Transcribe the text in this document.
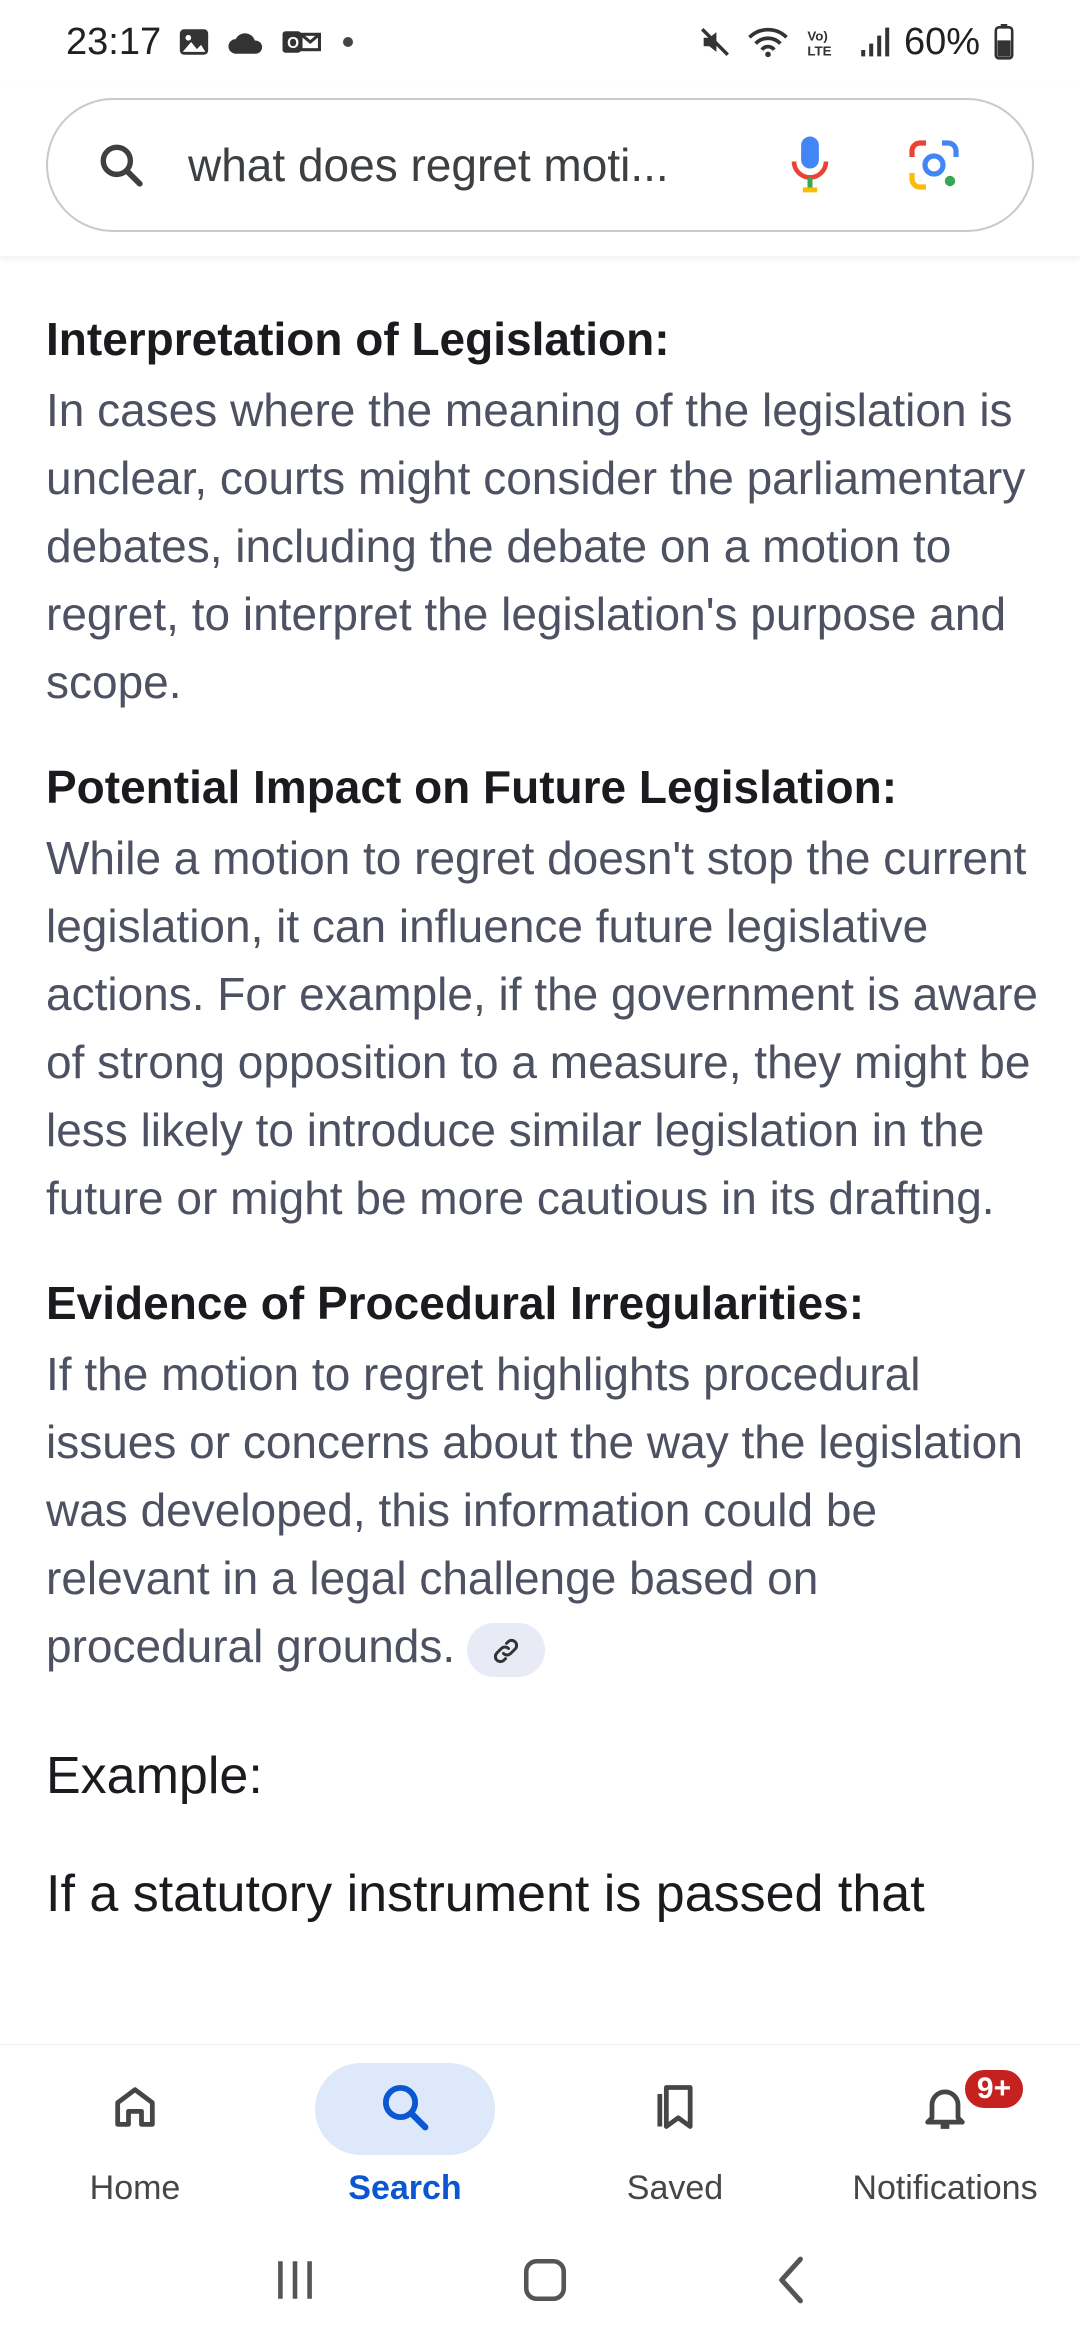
23:17	O	Vo)
LTE 60%
what does regret moti...
Interpretation of Legislation:

In cases where the meaning of the legislation is unclear, courts might consider the parliamentary debates, including the debate on a motion to regret, to interpret the legislation's purpose and scope.

Potential Impact on Future Legislation:

While a motion to regret doesn't stop the current legislation, it can influence future legislative actions. For example, if the government is aware of strong opposition to a measure, they might be less likely to introduce similar legislation in the future or might be more cautious in its drafting.

Evidence of Procedural Irregularities:

If the motion to regret highlights procedural issues or concerns about the way the legislation was developed, this information could be relevant in a legal challenge based on procedural grounds.

Example:
If a statutory instrument is passed that
Home	Search	Saved
9+
Notifications
